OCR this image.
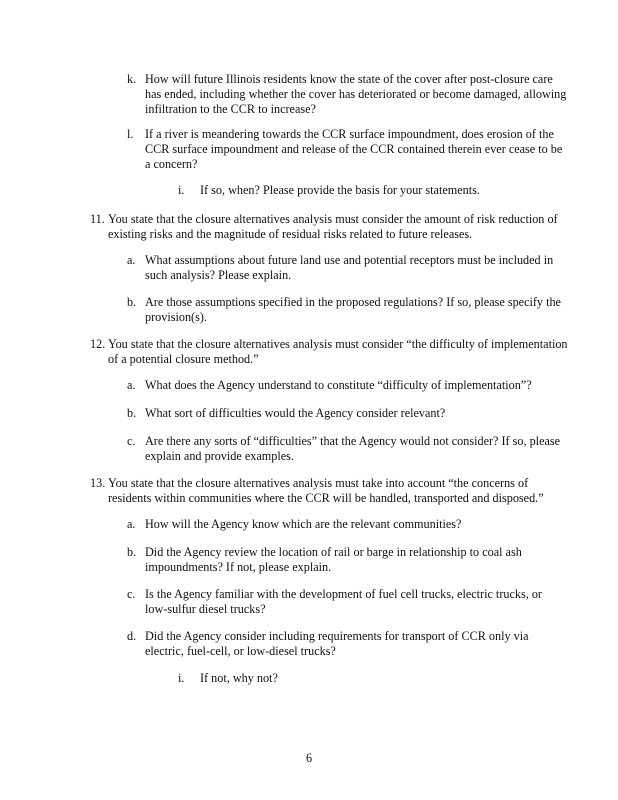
k. How will future Illinois residents know the state of the cover after post-closure care has ended, including whether the cover has deteriorated or become damaged, allowing infiltration to the CCR to increase?
l. If a river is meandering towards the CCR surface impoundment, does erosion of the CCR surface impoundment and release of the CCR contained therein ever cease to be a concern?
i.	If so, when? Please provide the basis for your statements.
11. You state that the closure alternatives analysis must consider the amount of risk reduction of existing risks and the magnitude of residual risks related to future releases.
a. What assumptions about future land use and potential receptors must be included in such analysis? Please explain.
b. Are those assumptions specified in the proposed regulations? If so, please specify the provision(s).
12. You state that the closure alternatives analysis must consider “the difficulty of implementation of a potential closure method.”
a. What does the Agency understand to constitute “difficulty of implementation”?
b. What sort of difficulties would the Agency consider relevant?
c. Are there any sorts of “difficulties” that the Agency would not consider? If so, please explain and provide examples.
13. You state that the closure alternatives analysis must take into account “the concerns of residents within communities where the CCR will be handled, transported and disposed.”
a. How will the Agency know which are the relevant communities?
b. Did the Agency review the location of rail or barge in relationship to coal ash impoundments? If not, please explain.
c. Is the Agency familiar with the development of fuel cell trucks, electric trucks, or low-sulfur diesel trucks?
d. Did the Agency consider including requirements for transport of CCR only via electric, fuel-cell, or low-diesel trucks?
i.	If not, why not?
6
